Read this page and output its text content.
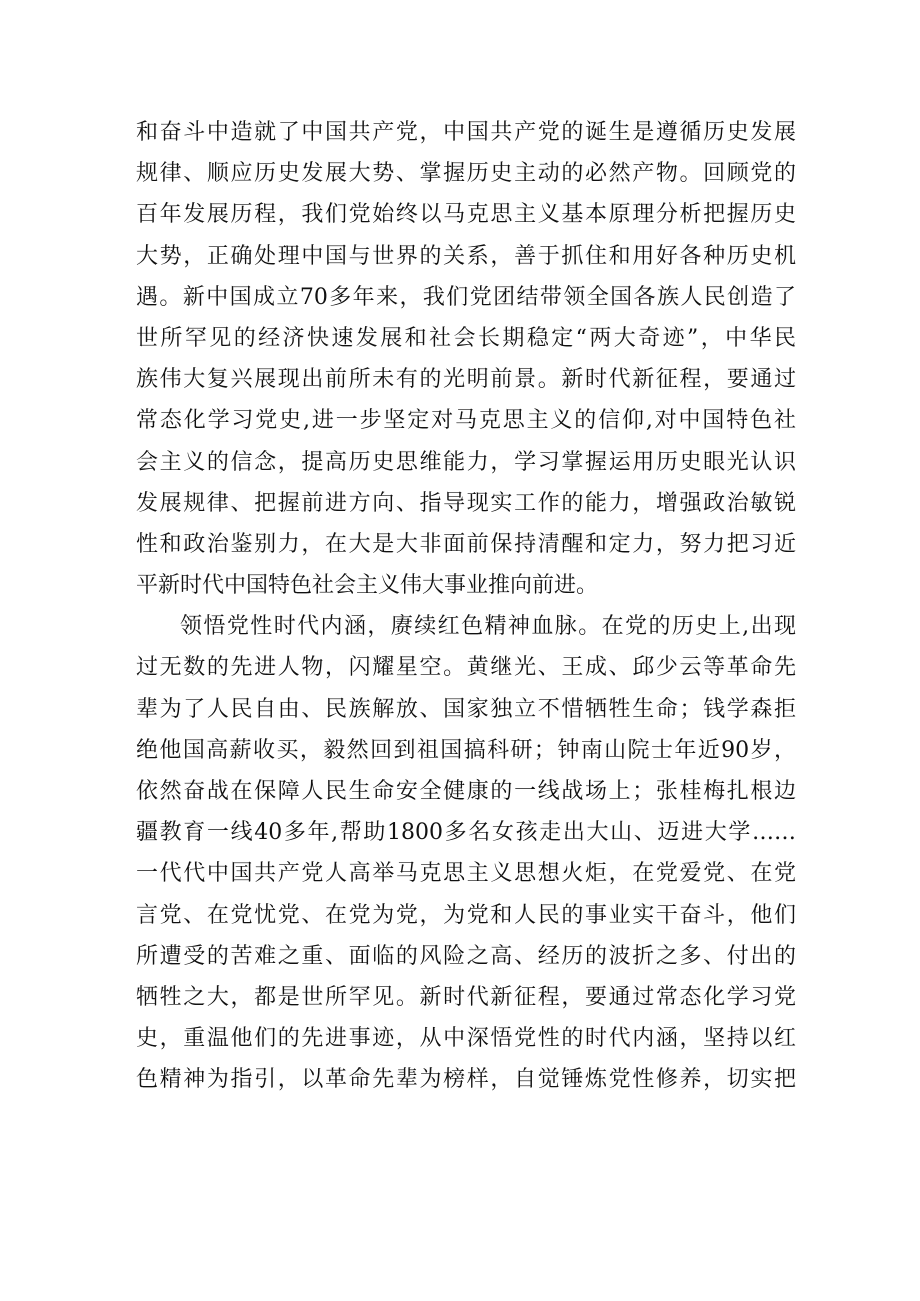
和奋斗中造就了中国共产党，中国共产党的诞生是遵循历史发展
规律、顺应历史发展大势、掌握历史主动的必然产物。回顾党的
百年发展历程，我们党始终以马克思主义基本原理分析把握历史
大势，正确处理中国与世界的关系，善于抓住和用好各种历史机
遇。新中国成立70多年来，我们党团结带领全国各族人民创造了
世所罕见的经济快速发展和社会长期稳定“两大奇迹”，中华民
族伟大复兴展现出前所未有的光明前景。新时代新征程，要通过
常态化学习党史,进一步坚定对马克思主义的信仰,对中国特色社
会主义的信念，提高历史思维能力，学习掌握运用历史眼光认识
发展规律、把握前进方向、指导现实工作的能力，增强政治敏锐
性和政治鉴别力，在大是大非面前保持清醒和定力，努力把习近
平新时代中国特色社会主义伟大事业推向前进。

领悟党性时代内涵，赓续红色精神血脉。在党的历史上,出现
过无数的先进人物，闪耀星空。黄继光、王成、邱少云等革命先
辈为了人民自由、民族解放、国家独立不惜牺牲生命；钱学森拒
绝他国高薪收买，毅然回到祖国搞科研；钟南山院士年近90岁，
依然奋战在保障人民生命安全健康的一线战场上；张桂梅扎根边
疆教育一线40多年,帮助1800多名女孩走出大山、迈进大学……
一代代中国共产党人高举马克思主义思想火炬，在党爱党、在党
言党、在党忧党、在党为党，为党和人民的事业实干奋斗，他们
所遭受的苦难之重、面临的风险之高、经历的波折之多、付出的
牺牲之大，都是世所罕见。新时代新征程，要通过常态化学习党
史，重温他们的先进事迹，从中深悟党性的时代内涵，坚持以红
色精神为指引，以革命先辈为榜样，自觉锤炼党性修养，切实把
